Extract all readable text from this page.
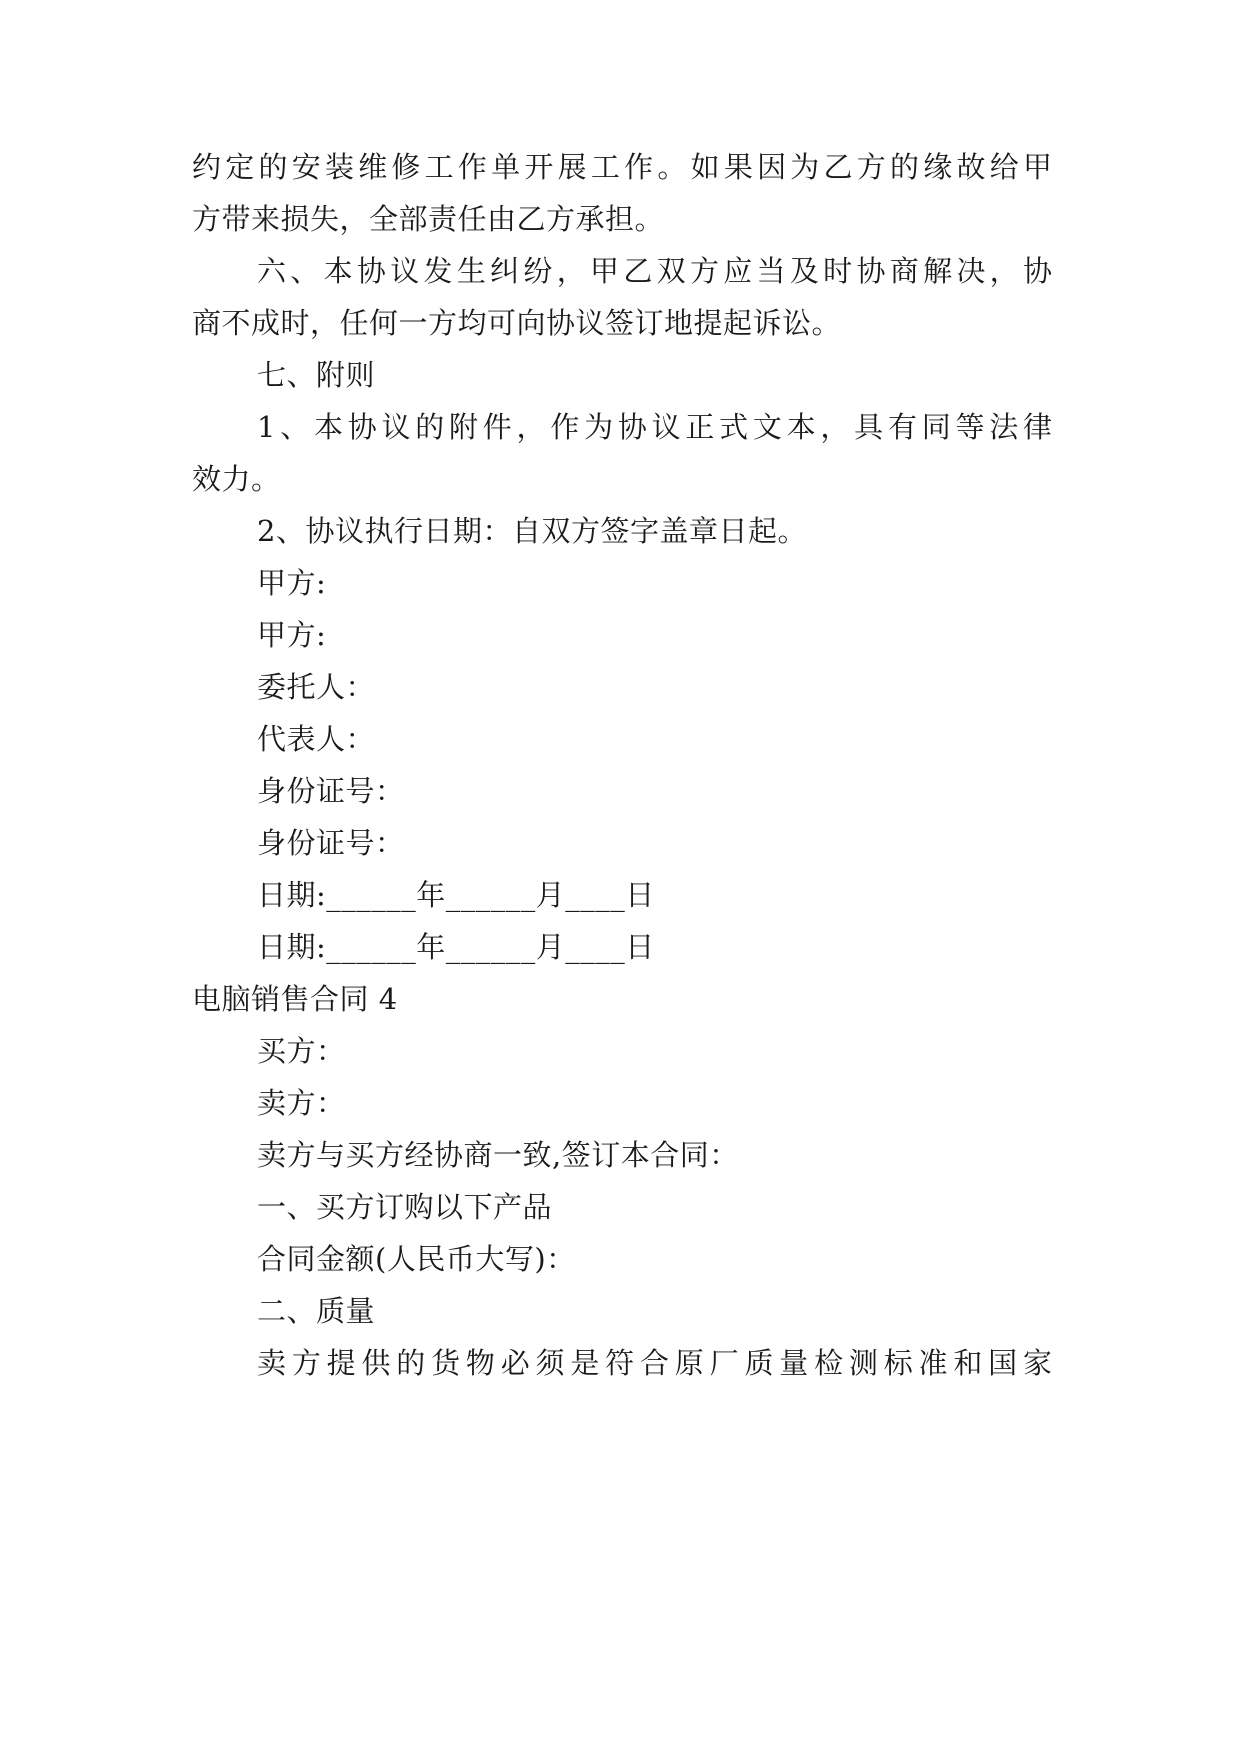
约定的安装维修工作单开展工作。如果因为乙方的缘故给甲
方带来损失，全部责任由乙方承担。
六、本协议发生纠纷，甲乙双方应当及时协商解决，协
商不成时，任何一方均可向协议签订地提起诉讼。
七、附则
1、本协议的附件，作为协议正式文本，具有同等法律
效力。
2、协议执行日期：自双方签字盖章日起。
甲方:
甲方:
委托人：
代表人：
身份证号：
身份证号：
日期:______年______月____日
日期:______年______月____日
电脑销售合同 4
买方：
卖方：
卖方与买方经协商一致,签订本合同：
一、买方订购以下产品
合同金额(人民币大写)：
二、质量
卖方提供的货物必须是符合原厂质量检测标准和国家
